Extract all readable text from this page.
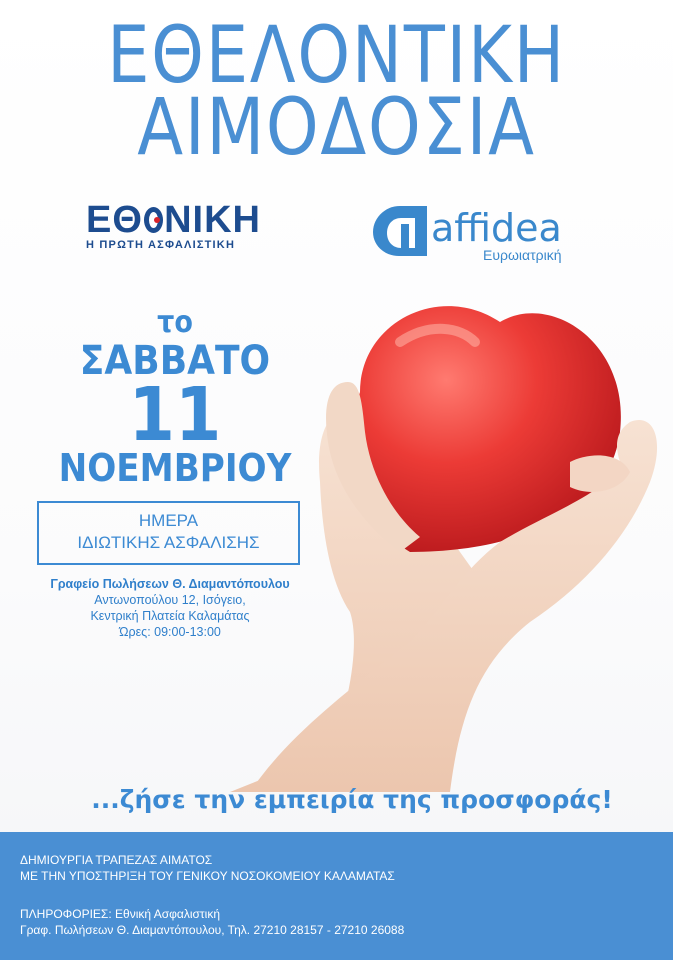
ΕΘΕΛΟΝΤΙΚΗ
ΑΙΜΟΔΟΣΙΑ
ΕΘ ΝΙΚΗ
Η ΠΡΩΤΗ ΑΣΦΑΛΙΣΤΙΚΗ	affidea
Ευρωιατρική
το
ΣΑΒΒΑΤΟ
11
ΝΟΕΜΒΡΙΟΥ
ΗΜΕΡΑ
ΙΔΙΩΤΙΚΗΣ ΑΣΦΑΛΙΣΗΣ
Γραφείο Πωλήσεων Θ. Διαμαντόπουλου
Αντωνοπούλου 12, Ισόγειο,
Κεντρική Πλατεία Καλαμάτας
Ώρες: 09:00-13:00
...ζήσε την εμπειρία της προσφοράς!
ΔΗΜΙΟΥΡΓΙΑ ΤΡΑΠΕΖΑΣ ΑΙΜΑΤΟΣ
ΜΕ ΤΗΝ ΥΠΟΣΤΗΡΙΞΗ ΤΟΥ ΓΕΝΙΚΟΥ ΝΟΣΟΚΟΜΕΙΟΥ ΚΑΛΑΜΑΤΑΣ
ΠΛΗΡΟΦΟΡΙΕΣ: Εθνική Ασφαλιστική
Γραφ. Πωλήσεων Θ. Διαμαντόπουλου, Τηλ. 27210 28157 - 27210 26088
